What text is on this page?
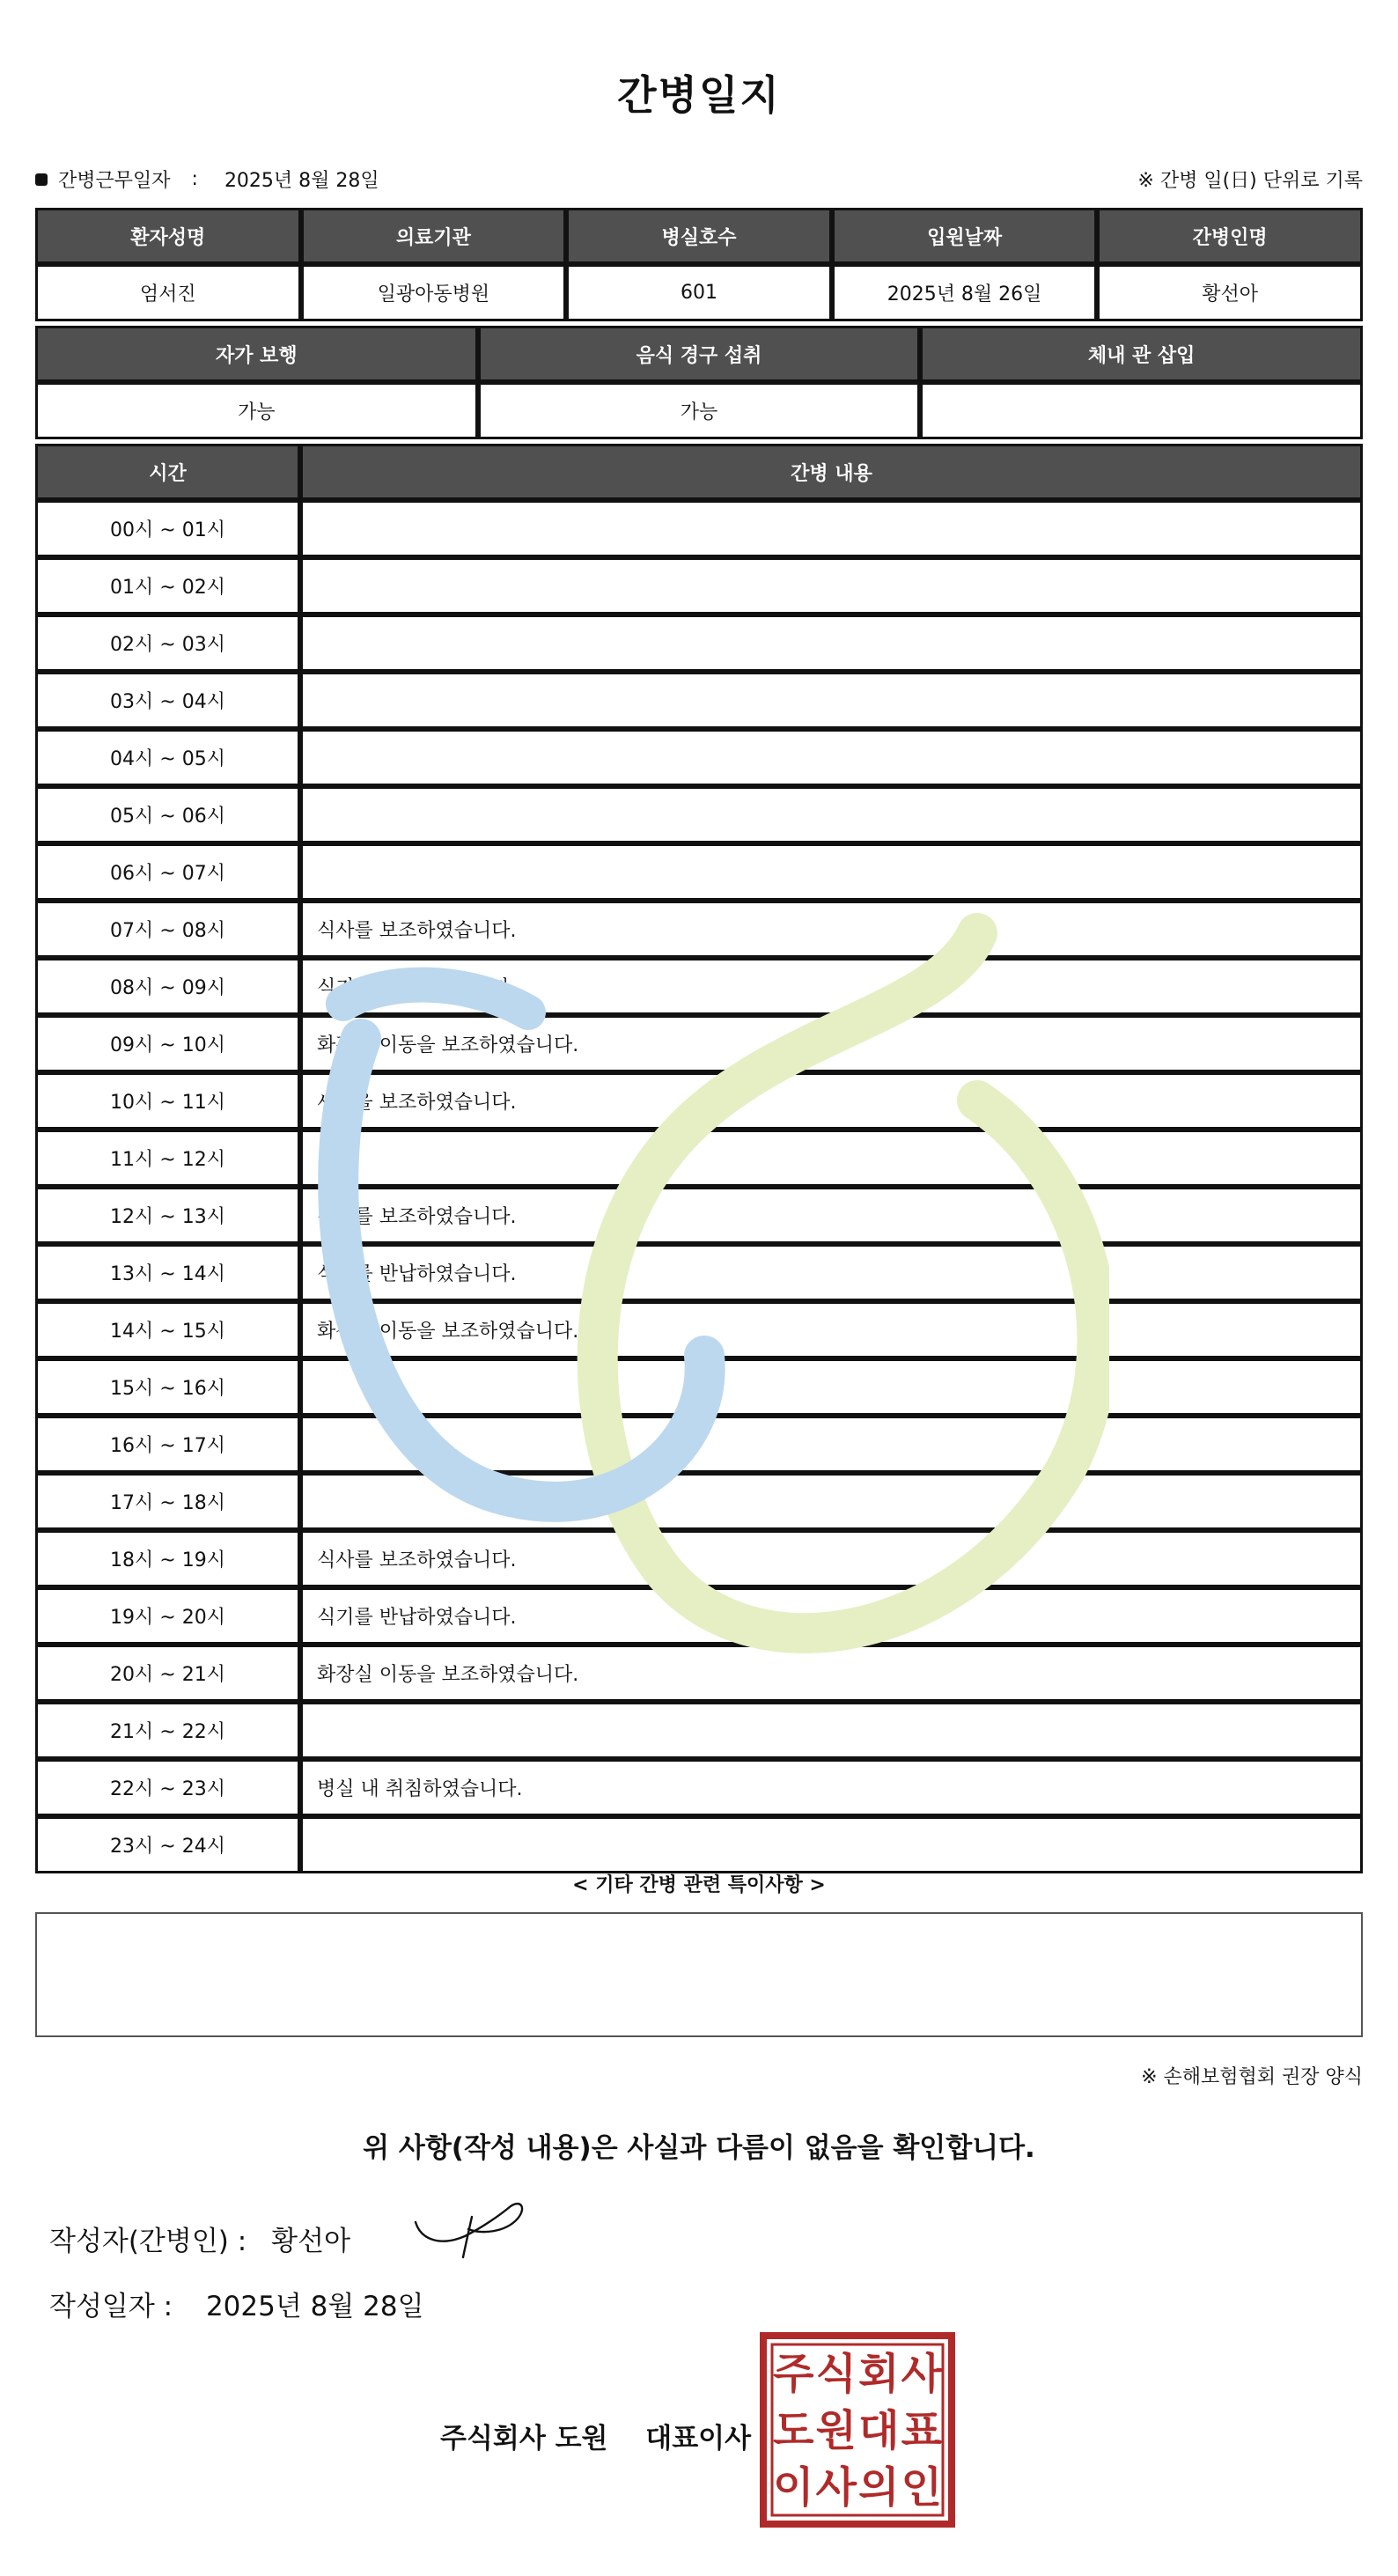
간병일지
간병근무일자 : 2025년 8월 28일	※ 간병 일(日) 단위로 기록
환자성명	의료기관	병실호수	입원날짜	간병인명
엄서진	일광아동병원	601	2025년 8월 26일	황선아
자가 보행	음식 경구 섭취	체내 관 삽입
가능	가능	
시간	간병 내용
00시 ~ 01시	
01시 ~ 02시	
02시 ~ 03시	
03시 ~ 04시	
04시 ~ 05시	
05시 ~ 06시	
06시 ~ 07시	
07시 ~ 08시	식사를 보조하였습니다.
08시 ~ 09시	식기를 반납하였습니다.
09시 ~ 10시	화장실 이동을 보조하였습니다.
10시 ~ 11시	세면을 보조하였습니다.
11시 ~ 12시	
12시 ~ 13시	식사를 보조하였습니다.
13시 ~ 14시	식기를 반납하였습니다.
14시 ~ 15시	화장실 이동을 보조하였습니다.
15시 ~ 16시	
16시 ~ 17시	
17시 ~ 18시	
18시 ~ 19시	식사를 보조하였습니다.
19시 ~ 20시	식기를 반납하였습니다.
20시 ~ 21시	화장실 이동을 보조하였습니다.
21시 ~ 22시	
22시 ~ 23시	병실 내 취침하였습니다.
23시 ~ 24시	
< 기타 간병 관련 특이사항 >
※ 손해보험협회 권장 양식
위 사항(작성 내용)은 사실과 다름이 없음을 확인합니다.
작성자(간병인) : 황선아
작성일자 : 2025년 8월 28일
주식회사 도원 대표이사
주 식 회 사
도 원 대 표
이 사 의 인
